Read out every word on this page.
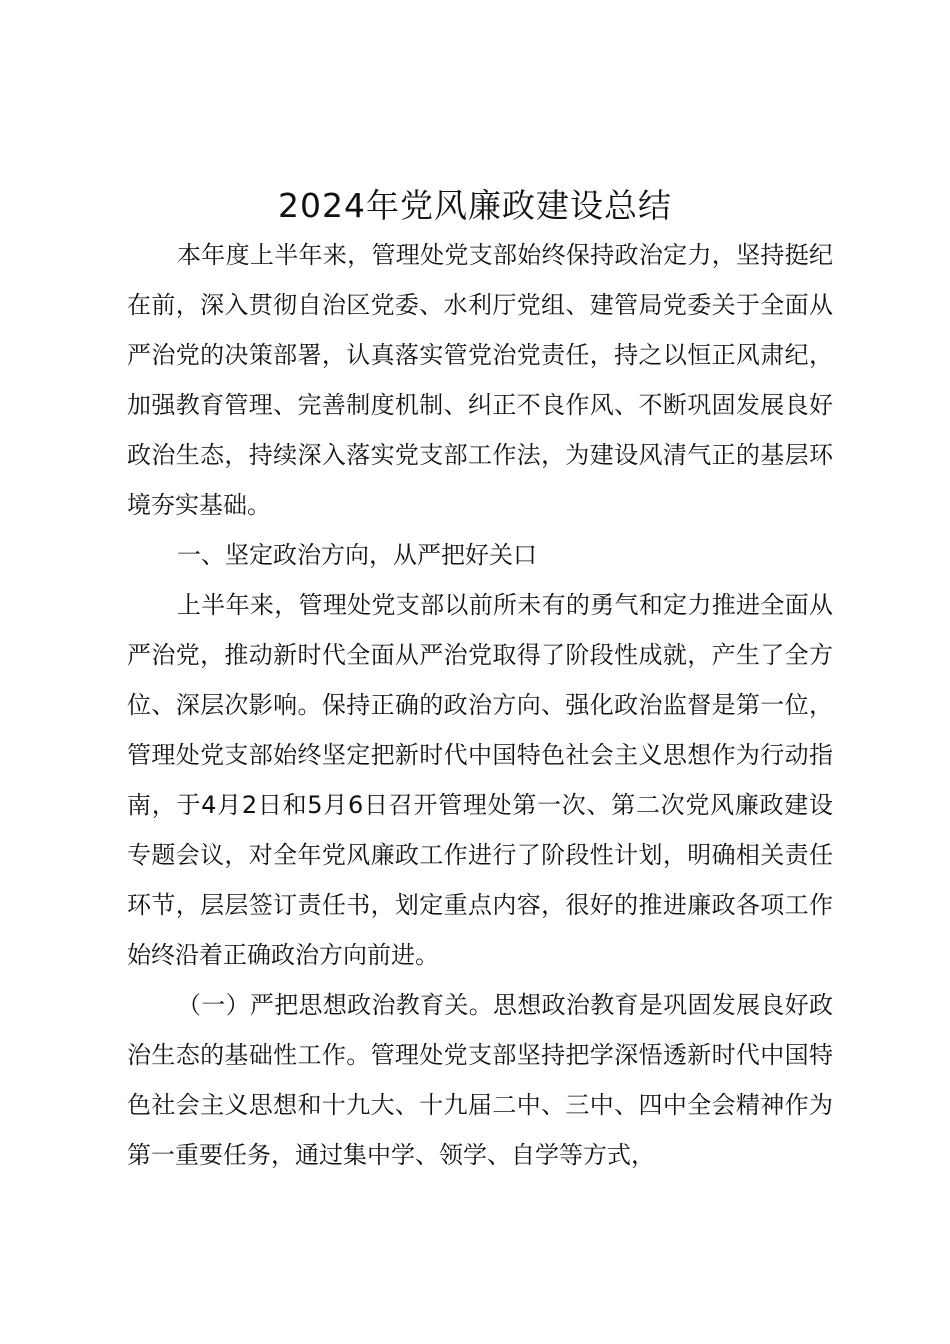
2024年党风廉政建设总结

本年度上半年来，管理处党支部始终保持政治定力，坚持挺纪在前，深入贯彻自治区党委、水利厅党组、建管局党委关于全面从严治党的决策部署，认真落实管党治党责任，持之以恒正风肃纪，加强教育管理、完善制度机制、纠正不良作风、不断巩固发展良好政治生态，持续深入落实党支部工作法，为建设风清气正的基层环境夯实基础。

一、坚定政治方向，从严把好关口

上半年来，管理处党支部以前所未有的勇气和定力推进全面从严治党，推动新时代全面从严治党取得了阶段性成就，产生了全方位、深层次影响。保持正确的政治方向、强化政治监督是第一位，管理处党支部始终坚定把新时代中国特色社会主义思想作为行动指南，于4月2日和5月6日召开管理处第一次、第二次党风廉政建设专题会议，对全年党风廉政工作进行了阶段性计划，明确相关责任环节，层层签订责任书，划定重点内容，很好的推进廉政各项工作始终沿着正确政治方向前进。

（一）严把思想政治教育关。思想政治教育是巩固发展良好政治生态的基础性工作。管理处党支部坚持把学深悟透新时代中国特色社会主义思想和十九大、十九届二中、三中、四中全会精神作为第一重要任务，通过集中学、领学、自学等方式，
